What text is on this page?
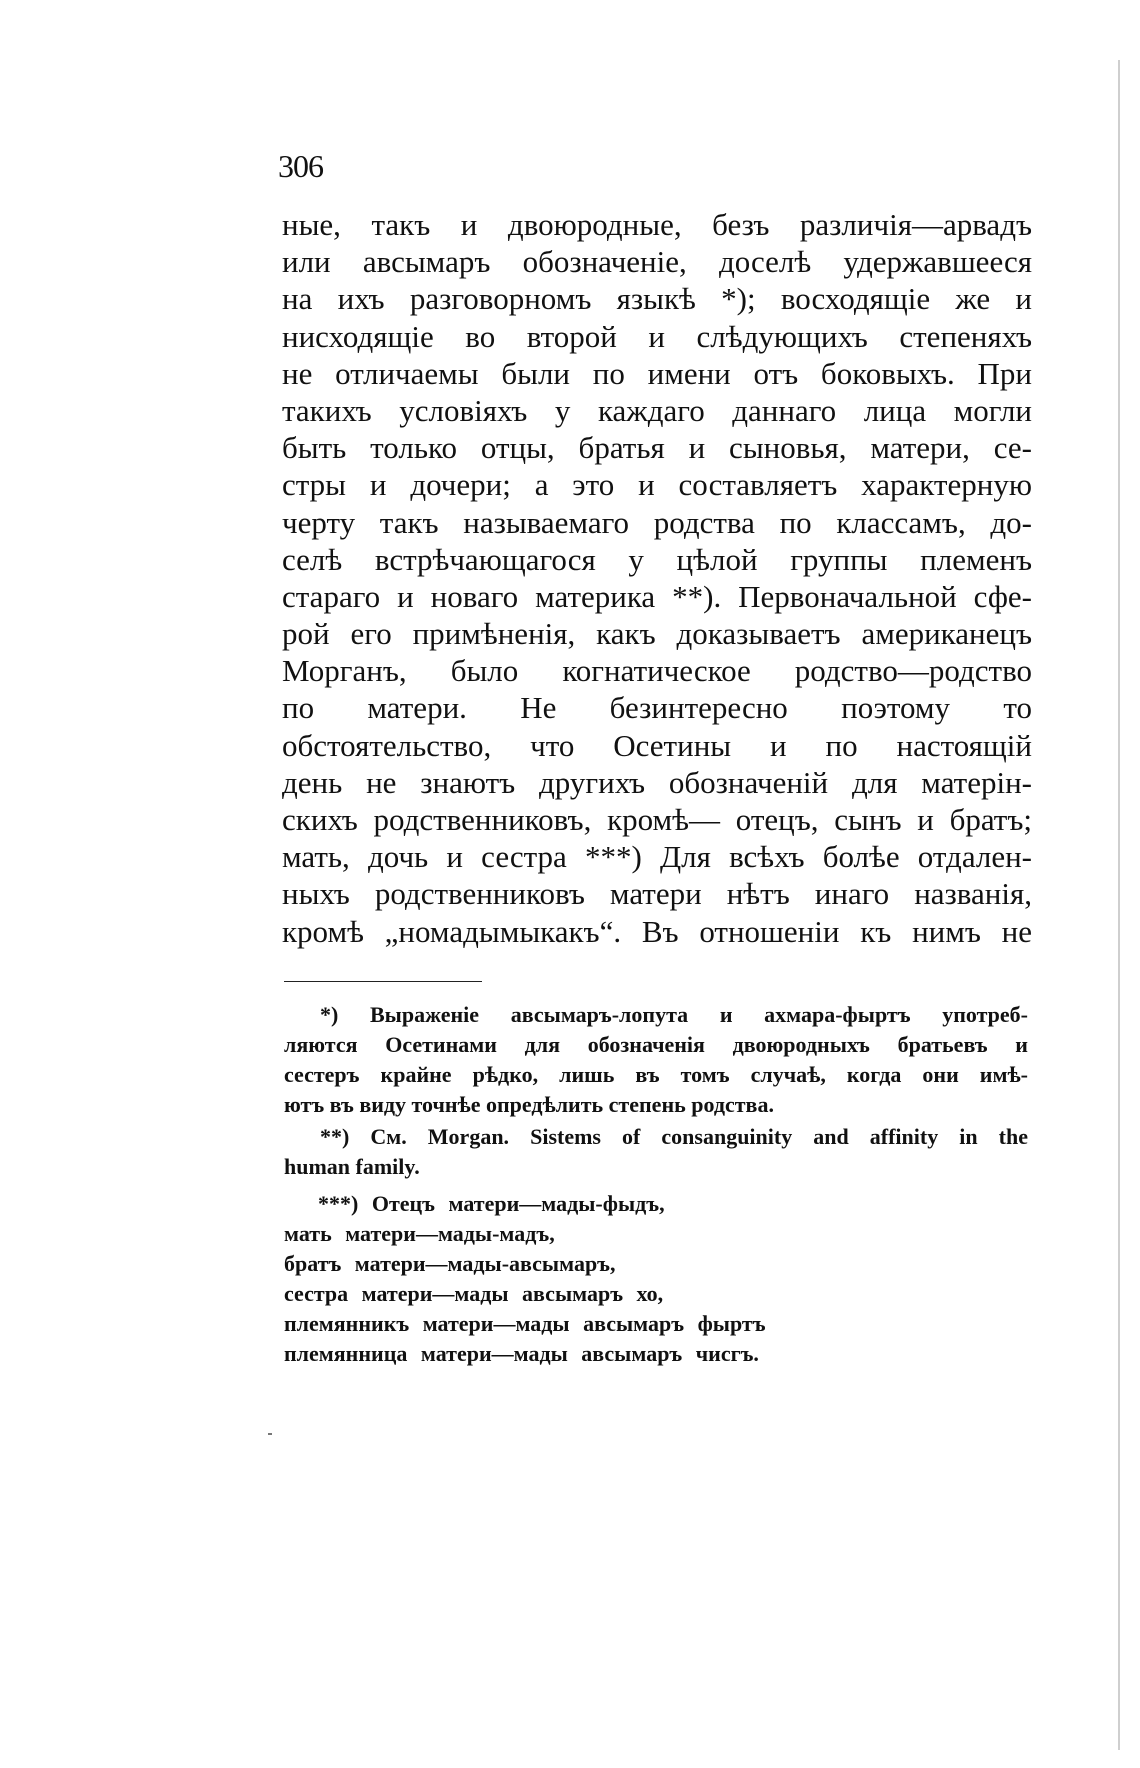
306
ные, такъ и двоюродные, безъ различія—арвадъ
или авсымаръ обозначеніе, доселѣ удержавшееся
на ихъ разговорномъ языкѣ *); восходящіе же и
нисходящіе во второй и слѣдующихъ степеняхъ
не отличаемы были по имени отъ боковыхъ. При
такихъ условіяхъ у каждаго даннаго лица могли
быть только отцы, братья и сыновья, матери, се-
стры и дочери; а это и составляетъ характерную
черту такъ называемаго родства по классамъ, до-
селѣ встрѣчающагося у цѣлой группы племенъ
стараго и новаго материка **). Первоначальной сфе-
рой его примѣненія, какъ доказываетъ американецъ
Морганъ, было когнатическое родство—родство
по матери. Не безинтересно поэтому то
обстоятельство, что Осетины и по настоящій
день не знаютъ другихъ обозначеній для матерін-
скихъ родственниковъ, кромѣ— отецъ, сынъ и братъ;
мать, дочь и сестра ***) Для всѣхъ болѣе отдален-
ныхъ родственниковъ матери нѣтъ инаго названія,
кромѣ „номадымыкакъ“. Въ отношеніи къ нимъ не
*) Выраженіе авсымаръ-лопута и ахмара-фыртъ употреб-
ляются Осетинами для обозначенія двоюродныхъ братьевъ и
сестеръ крайне рѣдко, лишь въ томъ случаѣ, когда они имѣ-
ютъ въ виду точнѣе опредѣлить степень родства.
**) См. Morgan. Sistems of consanguinity and affinity in the
human family.
***) Отецъ матери—мады-фыдъ,
мать матери—мады-мадъ,
братъ матери—мады-авсымаръ,
сестра матери—мады авсымаръ хо,
племянникъ матери—мады авсымаръ фыртъ
племянница матери—мады авсымаръ чисгъ.
